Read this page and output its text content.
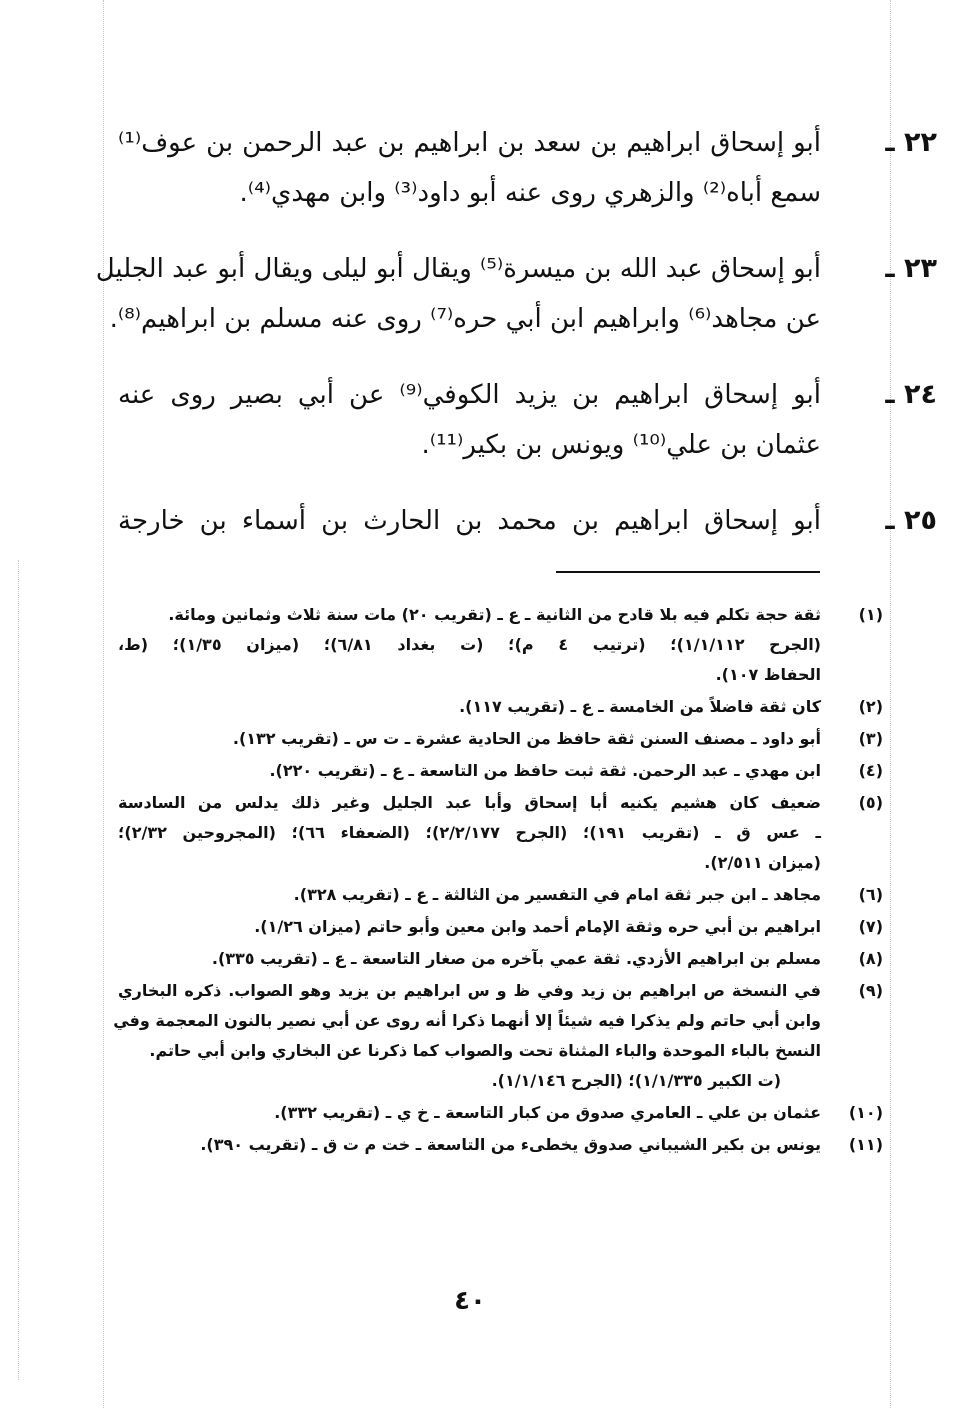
٢٢ ـ
أبو إسحاق ابراهيم بن سعد بن ابراهيم بن عبد الرحمن بن عوف⁽¹⁾
سمع أباه⁽²⁾ والزهري روى عنه أبو داود⁽³⁾ وابن مهدي⁽⁴⁾.
٢٣ ـ
أبو إسحاق عبد الله بن ميسرة⁽⁵⁾ ويقال أبو ليلى ويقال أبو عبد الجليل
عن مجاهد⁽⁶⁾ وابراهيم ابن أبي حره⁽⁷⁾ روى عنه مسلم بن ابراهيم⁽⁸⁾.
٢٤ ـ
أبو إسحاق ابراهيم بن يزيد الكوفي⁽⁹⁾ عن أبي بصير روى عنه
عثمان بن علي⁽¹⁰⁾ ويونس بن بكير⁽¹¹⁾.
٢٥ ـ
أبو إسحاق ابراهيم بن محمد بن الحارث بن أسماء بن خارجة
(١)
ثقة حجة تكلم فيه بلا قادح من الثانية ـ ع ـ (تقريب ٢٠) مات سنة ثلاث وثمانين ومائة.
(الجرح ١/١/١١٢)؛ (ترتيب ٤ م)؛ (ت بغداد ٦/٨١)؛ (ميزان ١/٣٥)؛ (ط،
الحفاظ ١٠٧).
(٢)
كان ثقة فاضلاً من الخامسة ـ ع ـ (تقريب ١١٧).
(٣)
أبو داود ـ مصنف السنن ثقة حافظ من الحادية عشرة ـ ت س ـ (تقريب ١٣٢).
(٤)
ابن مهدي ـ عبد الرحمن. ثقة ثبت حافظ من التاسعة ـ ع ـ (تقريب ٢٢٠).
(٥)
ضعيف كان هشيم يكنيه أبا إسحاق وأبا عبد الجليل وغير ذلك يدلس من السادسة
ـ عس ق ـ (تقريب ١٩١)؛ (الجرح ٢/٢/١٧٧)؛ (الضعفاء ٦٦)؛ (المجروحين ٢/٣٢)؛
(ميزان ٢/٥١١).
(٦)
مجاهد ـ ابن جبر ثقة امام في التفسير من الثالثة ـ ع ـ (تقريب ٣٢٨).
(٧)
ابراهيم بن أبي حره وثقة الإمام أحمد وابن معين وأبو حاتم (ميزان ١/٢٦).
(٨)
مسلم بن ابراهيم الأزدي. ثقة عمي بآخره من صغار التاسعة ـ ع ـ (تقريب ٣٣٥).
(٩)
في النسخة ص ابراهيم بن زيد وفي ظ و س ابراهيم بن يزيد وهو الصواب. ذكره البخاري
وابن أبي حاتم ولم يذكرا فيه شيئاً إلا أنهما ذكرا أنه روى عن أبي نصير بالنون المعجمة وفي
النسخ بالباء الموحدة والباء المثناة تحت والصواب كما ذكرنا عن البخاري وابن أبي حاتم.
(ت الكبير ١/١/٣٣٥)؛ (الجرح ١/١/١٤٦).
(١٠)
عثمان بن علي ـ العامري صدوق من كبار التاسعة ـ خ ي ـ (تقريب ٣٣٢).
(١١)
يونس بن بكير الشيباني صدوق يخطىء من التاسعة ـ خت م ت ق ـ (تقريب ٣٩٠).
٤٠
